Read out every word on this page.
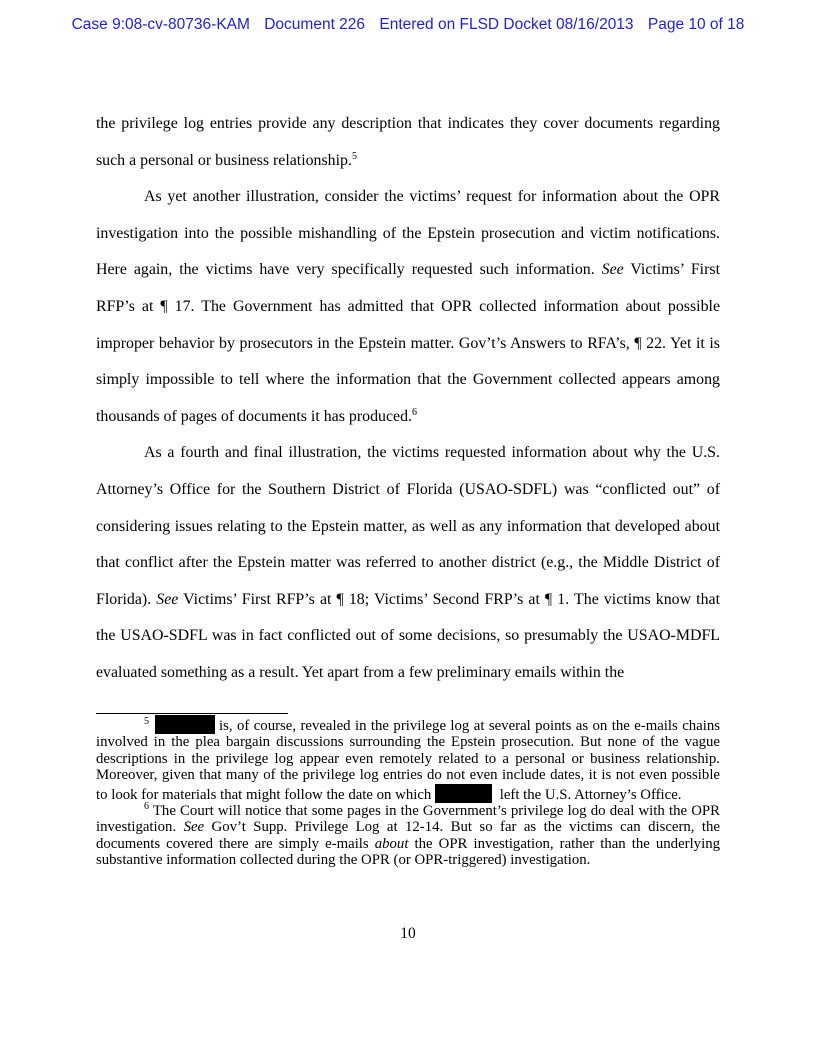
Case 9:08-cv-80736-KAM Document 226 Entered on FLSD Docket 08/16/2013 Page 10 of 18

the privilege log entries provide any description that indicates they cover documents regarding such a personal or business relationship.$^5$

As yet another illustration, consider the victims’ request for information about the OPR investigation into the possible mishandling of the Epstein prosecution and victim notifications. Here again, the victims have very specifically requested such information. See Victims’ First RFP’s at ¶ 17. The Government has admitted that OPR collected information about possible improper behavior by prosecutors in the Epstein matter. Gov’t’s Answers to RFA’s, ¶ 22. Yet it is simply impossible to tell where the information that the Government collected appears among thousands of pages of documents it has produced.$^6$

As a fourth and final illustration, the victims requested information about why the U.S. Attorney’s Office for the Southern District of Florida (USAO-SDFL) was “conflicted out” of considering issues relating to the Epstein matter, as well as any information that developed about that conflict after the Epstein matter was referred to another district (e.g., the Middle District of Florida). See Victims’ First RFP’s at ¶ 18; Victims’ Second FRP’s at ¶ 1. The victims know that the USAO-SDFL was in fact conflicted out of some decisions, so presumably the USAO-MDFL evaluated something as a result. Yet apart from a few preliminary emails within the

$^5$	is, of course, revealed in the privilege log at several points as on the e-mails chains involved in the plea bargain discussions surrounding the Epstein prosecution. But none of the vague descriptions in the privilege log appear even remotely related to a personal or business relationship. Moreover, given that many of the privilege log entries do not even include dates, it is not even possible to look for materials that might follow the date on which	left the U.S. Attorney’s Office.

$^6$ The Court will notice that some pages in the Government’s privilege log do deal with the OPR investigation. See Gov’t Supp. Privilege Log at 12-14. But so far as the victims can discern, the documents covered there are simply e-mails about the OPR investigation, rather than the underlying substantive information collected during the OPR (or OPR-triggered) investigation.

10
